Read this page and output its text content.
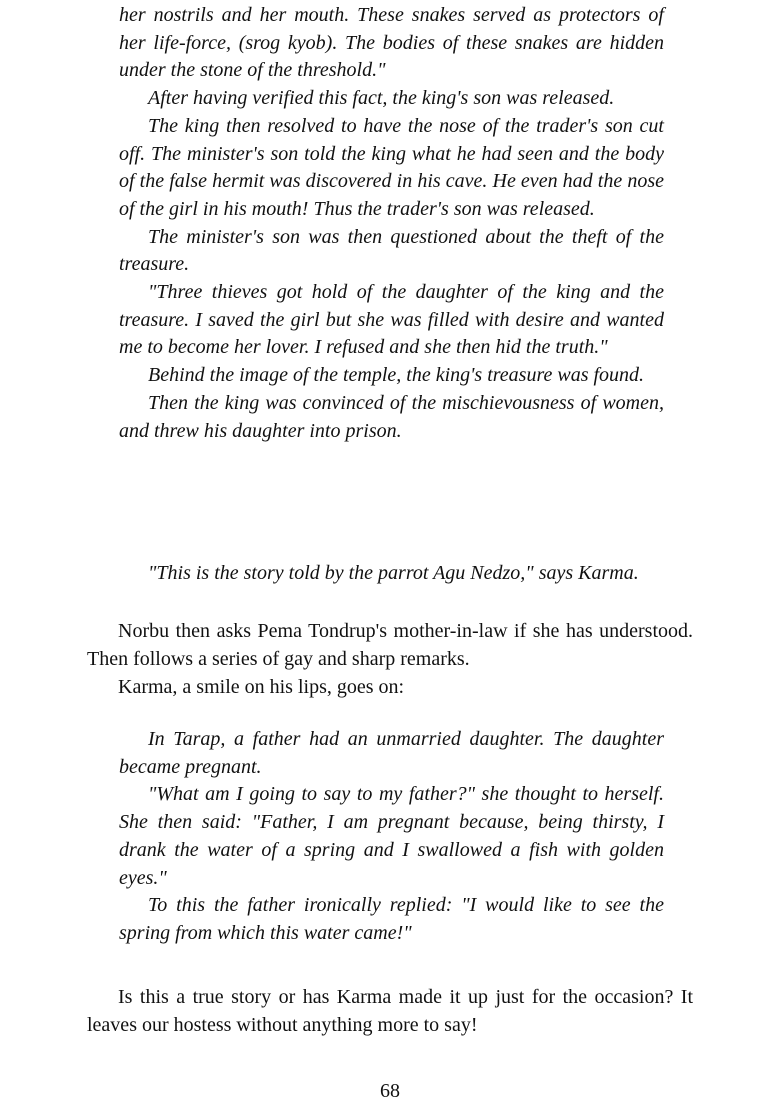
her nostrils and her mouth. These snakes served as protectors of her life-force, (srog kyob). The bodies of these snakes are hidden under the stone of the threshold."

After having verified this fact, the king's son was released.

The king then resolved to have the nose of the trader's son cut off. The minister's son told the king what he had seen and the body of the false hermit was discovered in his cave. He even had the nose of the girl in his mouth! Thus the trader's son was released.

The minister's son was then questioned about the theft of the treasure.

"Three thieves got hold of the daughter of the king and the treasure. I saved the girl but she was filled with desire and wanted me to become her lover. I refused and she then hid the truth."

Behind the image of the temple, the king's treasure was found.

Then the king was convinced of the mischievousness of women, and threw his daughter into prison.

"This is the story told by the parrot Agu Nedzo," says Karma.

Norbu then asks Pema Tondrup's mother-in-law if she has understood. Then follows a series of gay and sharp remarks.

Karma, a smile on his lips, goes on:

In Tarap, a father had an unmarried daughter. The daughter became pregnant.

"What am I going to say to my father?" she thought to herself. She then said: "Father, I am pregnant because, being thirsty, I drank the water of a spring and I swallowed a fish with golden eyes."

To this the father ironically replied: "I would like to see the spring from which this water came!"

Is this a true story or has Karma made it up just for the occasion? It leaves our hostess without anything more to say!

68
